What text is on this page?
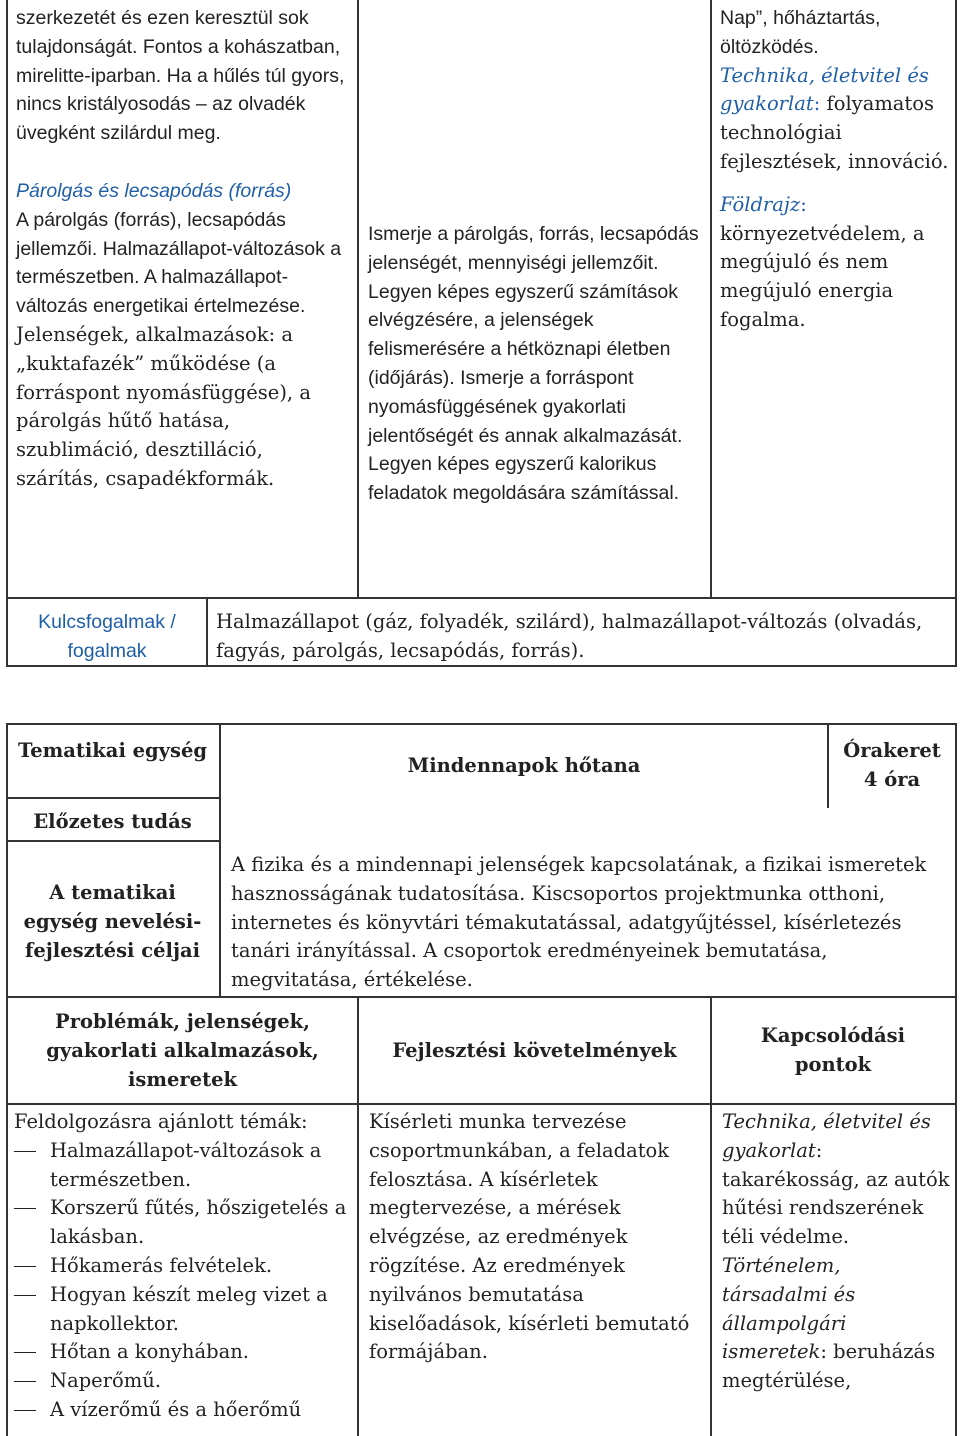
szerkezetét és ezen keresztül sok tulajdonságát. Fontos a kohászatban, mirelitte-iparban. Ha a hűlés túl gyors, nincs kristályosodás – az olvadék üvegként szilárdul meg.

Párolgás és lecsapódás (forrás)

A párolgás (forrás), lecsapódás jellemzői. Halmazállapot-változások a természetben. A halmazállapot-változás energetikai értelmezése.

Jelenségek, alkalmazások: a „kuktafazék” működése (a forráspont nyomásfüggése), a párolgás hűtő hatása, szublimáció, desztilláció, szárítás, csapadékformák.

Ismerje a párolgás, forrás, lecsapódás jelenségét, mennyiségi jellemzőit. Legyen képes egyszerű számítások elvégzésére, a jelenségek felismerésére a hétköznapi életben (időjárás). Ismerje a forráspont nyomásfüggésének gyakorlati jelentőségét és annak alkalmazását. Legyen képes egyszerű kalorikus feladatok megoldására számítással.

Nap”, hőháztartás, öltözködés.

Technika, életvitel és gyakorlat: folyamatos technológiai fejlesztések, innováció.

Földrajz: környezetvédelem, a megújuló és nem megújuló energia fogalma.

Kulcsfogalmak / fogalmak
Halmazállapot (gáz, folyadék, szilárd), halmazállapot-változás (olvadás, fagyás, párolgás, lecsapódás, forrás).
Tematikai egység
Mindennapok hőtana
Órakeret
4 óra
Előzetes tudás
A tematikai egység nevelési-fejlesztési céljai
A fizika és a mindennapi jelenségek kapcsolatának, a fizikai ismeretek hasznosságának tudatosítása. Kiscsoportos projektmunka otthoni, internetes és könyvtári témakutatással, adatgyűjtéssel, kísérletezés tanári irányítással. A csoportok eredményeinek bemutatása, megvitatása, értékelése.
Problémák, jelenségek, gyakorlati alkalmazások, ismeretek
Fejlesztési követelmények
Kapcsolódási pontok

Feldolgozásra ajánlott témák:

Halmazállapot-változások a természetben.
Korszerű fűtés, hőszigetelés a lakásban.
Hőkamerás felvételek.
Hogyan készít meleg vizet a napkollektor.
Hőtan a konyhában.
Naperőmű.
A vízerőmű és a hőerőmű

Kísérleti munka tervezése csoportmunkában, a feladatok felosztása. A kísérletek megtervezése, a mérések elvégzése, az eredmények rögzítése. Az eredmények nyilvános bemutatása kiselőadások, kísérleti bemutató formájában.

Technika, életvitel és gyakorlat: takarékosság, az autók hűtési rendszerének téli védelme.

Történelem, társadalmi és állampolgári ismeretek: beruházás megtérülése,
